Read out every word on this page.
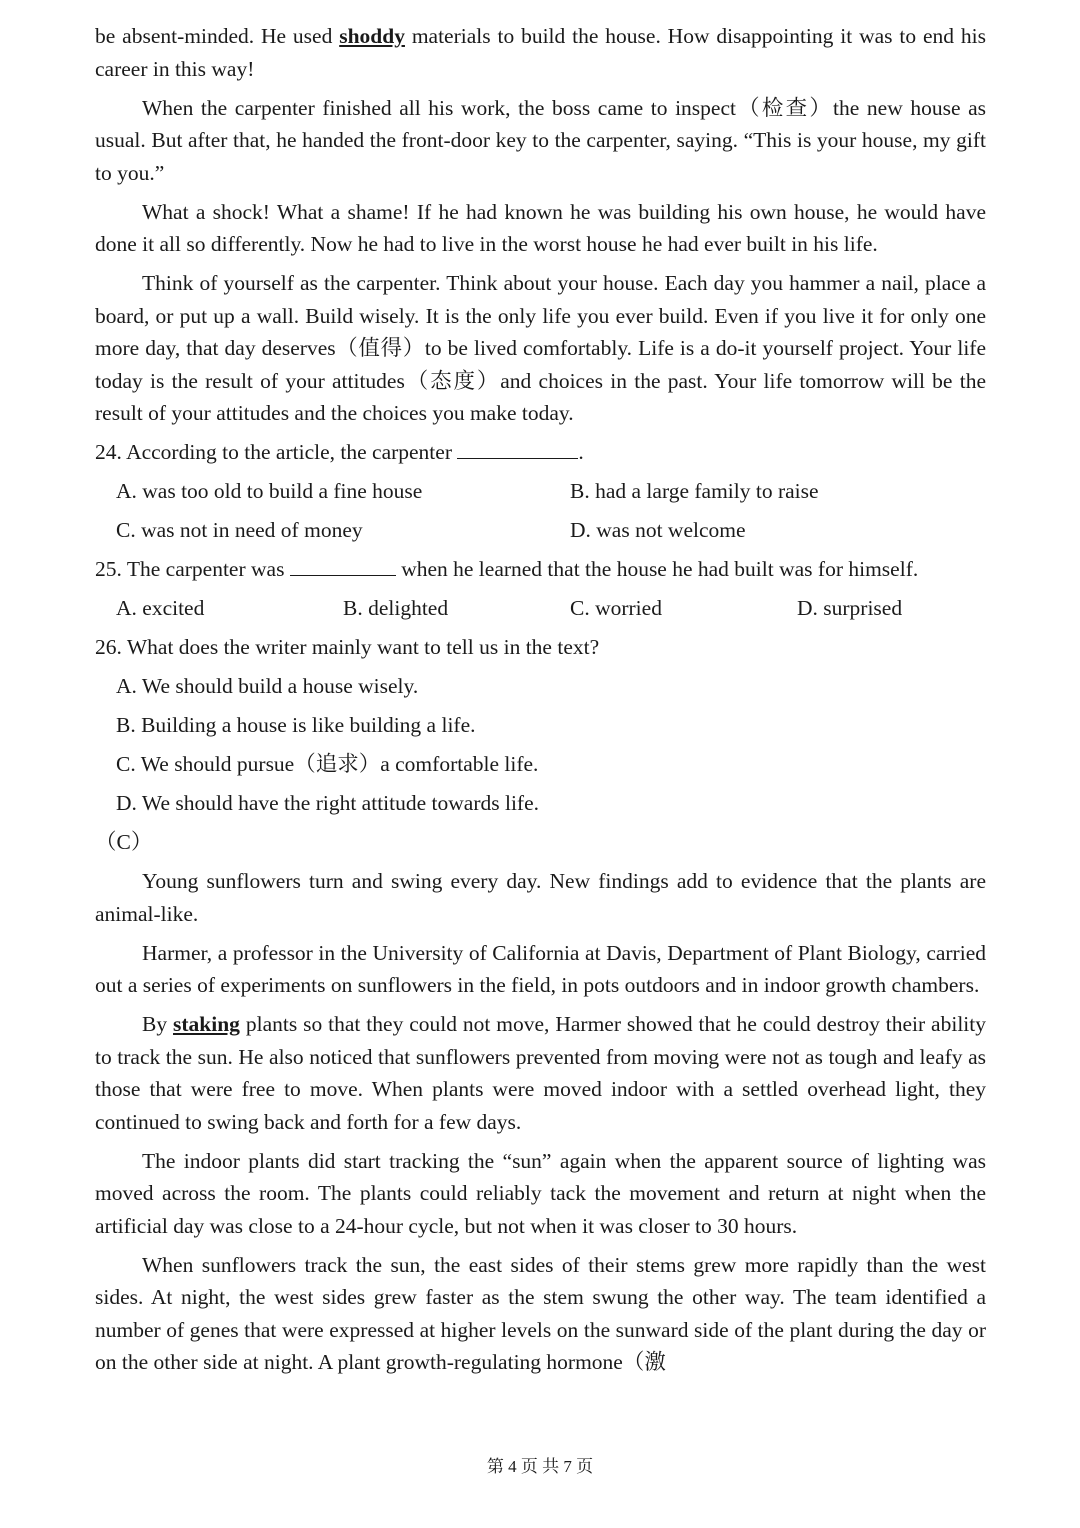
be absent-minded. He used shoddy materials to build the house. How disappointing it was to end his career in this way!

When the carpenter finished all his work, the boss came to inspect（检查）the new house as usual. But after that, he handed the front-door key to the carpenter, saying. “This is your house, my gift to you.”

What a shock! What a shame! If he had known he was building his own house, he would have done it all so differently. Now he had to live in the worst house he had ever built in his life.

Think of yourself as the carpenter. Think about your house. Each day you hammer a nail, place a board, or put up a wall. Build wisely. It is the only life you ever build. Even if you live it for only one more day, that day deserves（值得）to be lived comfortably. Life is a do-it yourself project. Your life today is the result of your attitudes（态度）and choices in the past. Your life tomorrow will be the result of your attitudes and the choices you make today.

24. According to the article, the carpenter	.

A. was too old to build a fine house	B. had a large family to raise
C. was not in need of money	D. was not welcome

25. The carpenter was	when he learned that the house he had built was for himself.

A. excited	B. delighted	C. worried	D. surprised

26. What does the writer mainly want to tell us in the text?

A. We should build a house wisely.

B. Building a house is like building a life.

C. We should pursue（追求）a comfortable life.

D. We should have the right attitude towards life.

（C）

Young sunflowers turn and swing every day. New findings add to evidence that the plants are animal-like.

Harmer, a professor in the University of California at Davis, Department of Plant Biology, carried out a series of experiments on sunflowers in the field, in pots outdoors and in indoor growth chambers.

By staking plants so that they could not move, Harmer showed that he could destroy their ability to track the sun. He also noticed that sunflowers prevented from moving were not as tough and leafy as those that were free to move. When plants were moved indoor with a settled overhead light, they continued to swing back and forth for a few days.

The indoor plants did start tracking the “sun” again when the apparent source of lighting was moved across the room. The plants could reliably tack the movement and return at night when the artificial day was close to a 24-hour cycle, but not when it was closer to 30 hours.

When sunflowers track the sun, the east sides of their stems grew more rapidly than the west sides. At night, the west sides grew faster as the stem swung the other way. The team identified a number of genes that were expressed at higher levels on the sunward side of the plant during the day or on the other side at night. A plant growth-regulating hormone（激

第 4 页 共 7 页
